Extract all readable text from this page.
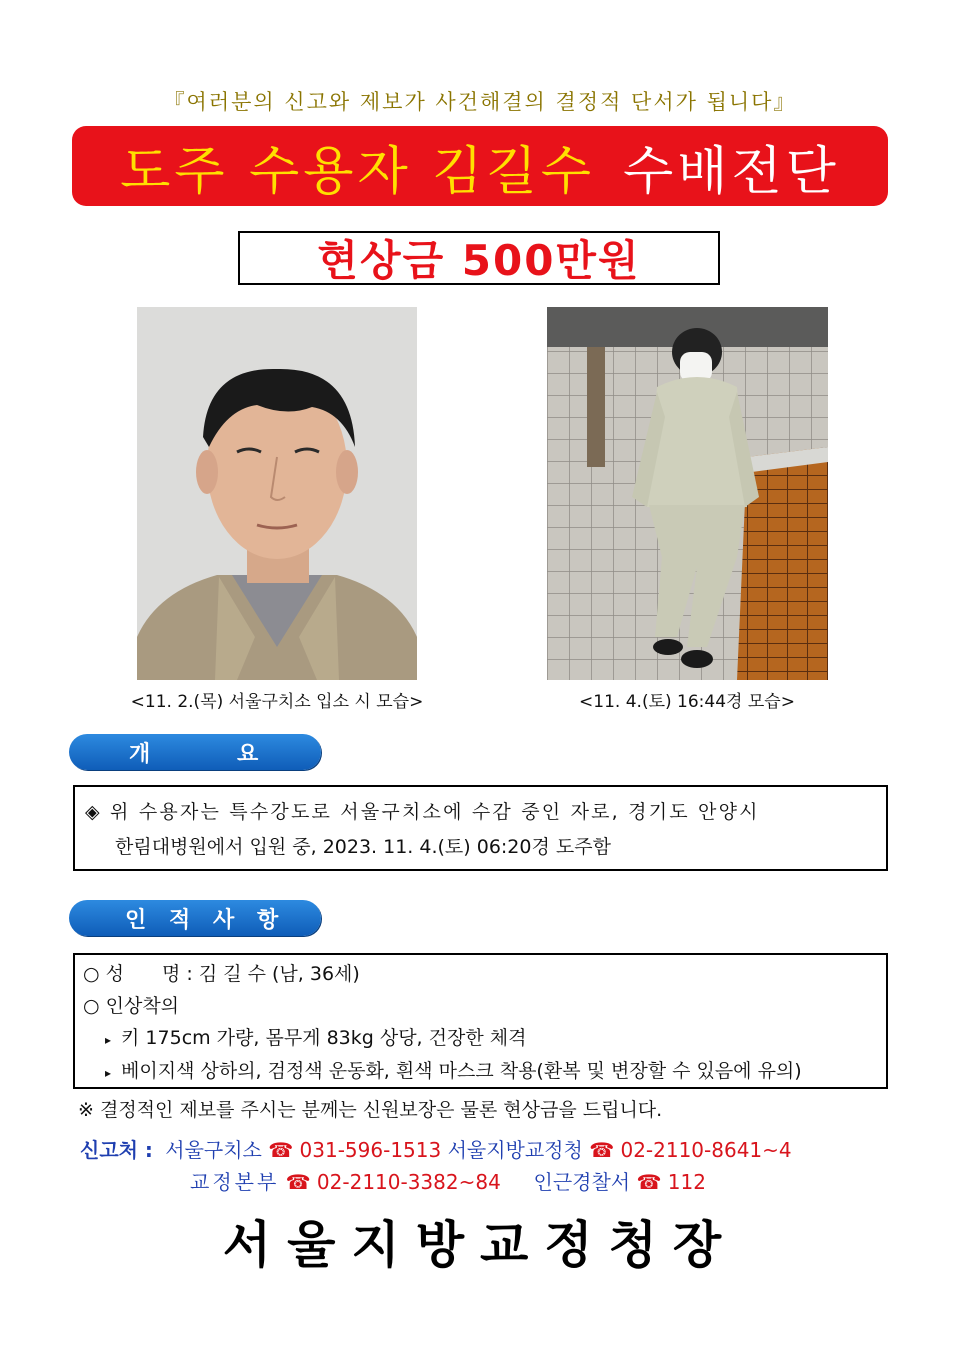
『여러분의 신고와 제보가 사건해결의 결정적 단서가 됩니다』
도주 수용자 김길수 수배전단
현상금 500만원
<11. 2.(목) 서울구치소 입소 시 모습>	<11. 4.(토) 16:44경 모습>
개	요
◈ 위 수용자는 특수강도로 서울구치소에 수감 중인 자로, 경기도 안양시
한림대병원에서 입원 중, 2023. 11. 4.(토) 06:20경 도주함
인 적 사 항
○ 성 명 : 김 길 수 (남, 36세)
○ 인상착의
▸ 키 175cm 가량, 몸무게 83kg 상당, 건장한 체격
▸ 베이지색 상하의, 검정색 운동화, 흰색 마스크 착용(환복 및 변장할 수 있음에 유의)
※ 결정적인 제보를 주시는 분께는 신원보장은 물론 현상금을 드립니다.
신고처 : 서울구치소 ☎ 031-596-1513 서울지방교정청 ☎ 02-2110-8641~4
교정본부 ☎ 02-2110-3382~84 인근경찰서 ☎ 112
서울지방교정청장
